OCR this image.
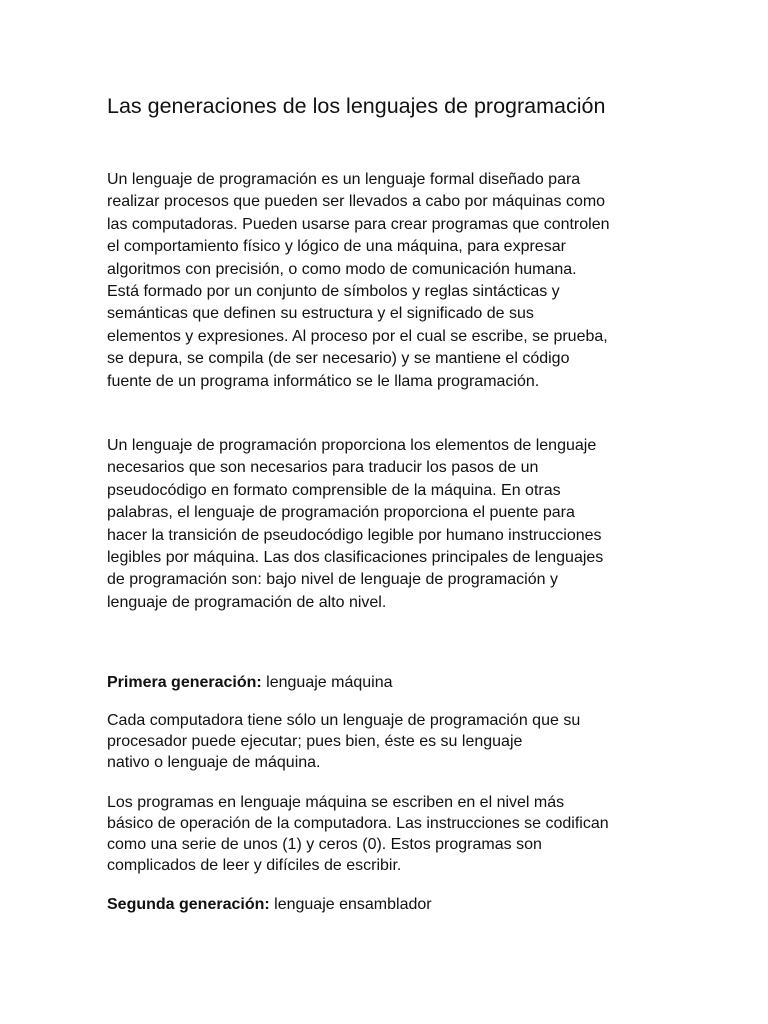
Las generaciones de los lenguajes de programación

Un lenguaje de programación es un lenguaje formal diseñado para
realizar procesos que pueden ser llevados a cabo por máquinas como
las computadoras. Pueden usarse para crear programas que controlen
el comportamiento físico y lógico de una máquina, para expresar
algoritmos con precisión, o como modo de comunicación humana.
Está formado por un conjunto de símbolos y reglas sintácticas y
semánticas que definen su estructura y el significado de sus
elementos y expresiones. Al proceso por el cual se escribe, se prueba,
se depura, se compila (de ser necesario) y se mantiene el código
fuente de un programa informático se le llama programación.

Un lenguaje de programación proporciona los elementos de lenguaje
necesarios que son necesarios para traducir los pasos de un
pseudocódigo en formato comprensible de la máquina. En otras
palabras, el lenguaje de programación proporciona el puente para
hacer la transición de pseudocódigo legible por humano instrucciones
legibles por máquina. Las dos clasificaciones principales de lenguajes
de programación son: bajo nivel de lenguaje de programación y
lenguaje de programación de alto nivel.

Primera generación: lenguaje máquina

Cada computadora tiene sólo un lenguaje de programación que su
procesador puede ejecutar; pues bien, éste es su lenguaje
nativo o lenguaje de máquina.

Los programas en lenguaje máquina se escriben en el nivel más
básico de operación de la computadora. Las instrucciones se codifican
como una serie de unos (1) y ceros (0). Estos programas son
complicados de leer y difíciles de escribir.

Segunda generación: lenguaje ensamblador
